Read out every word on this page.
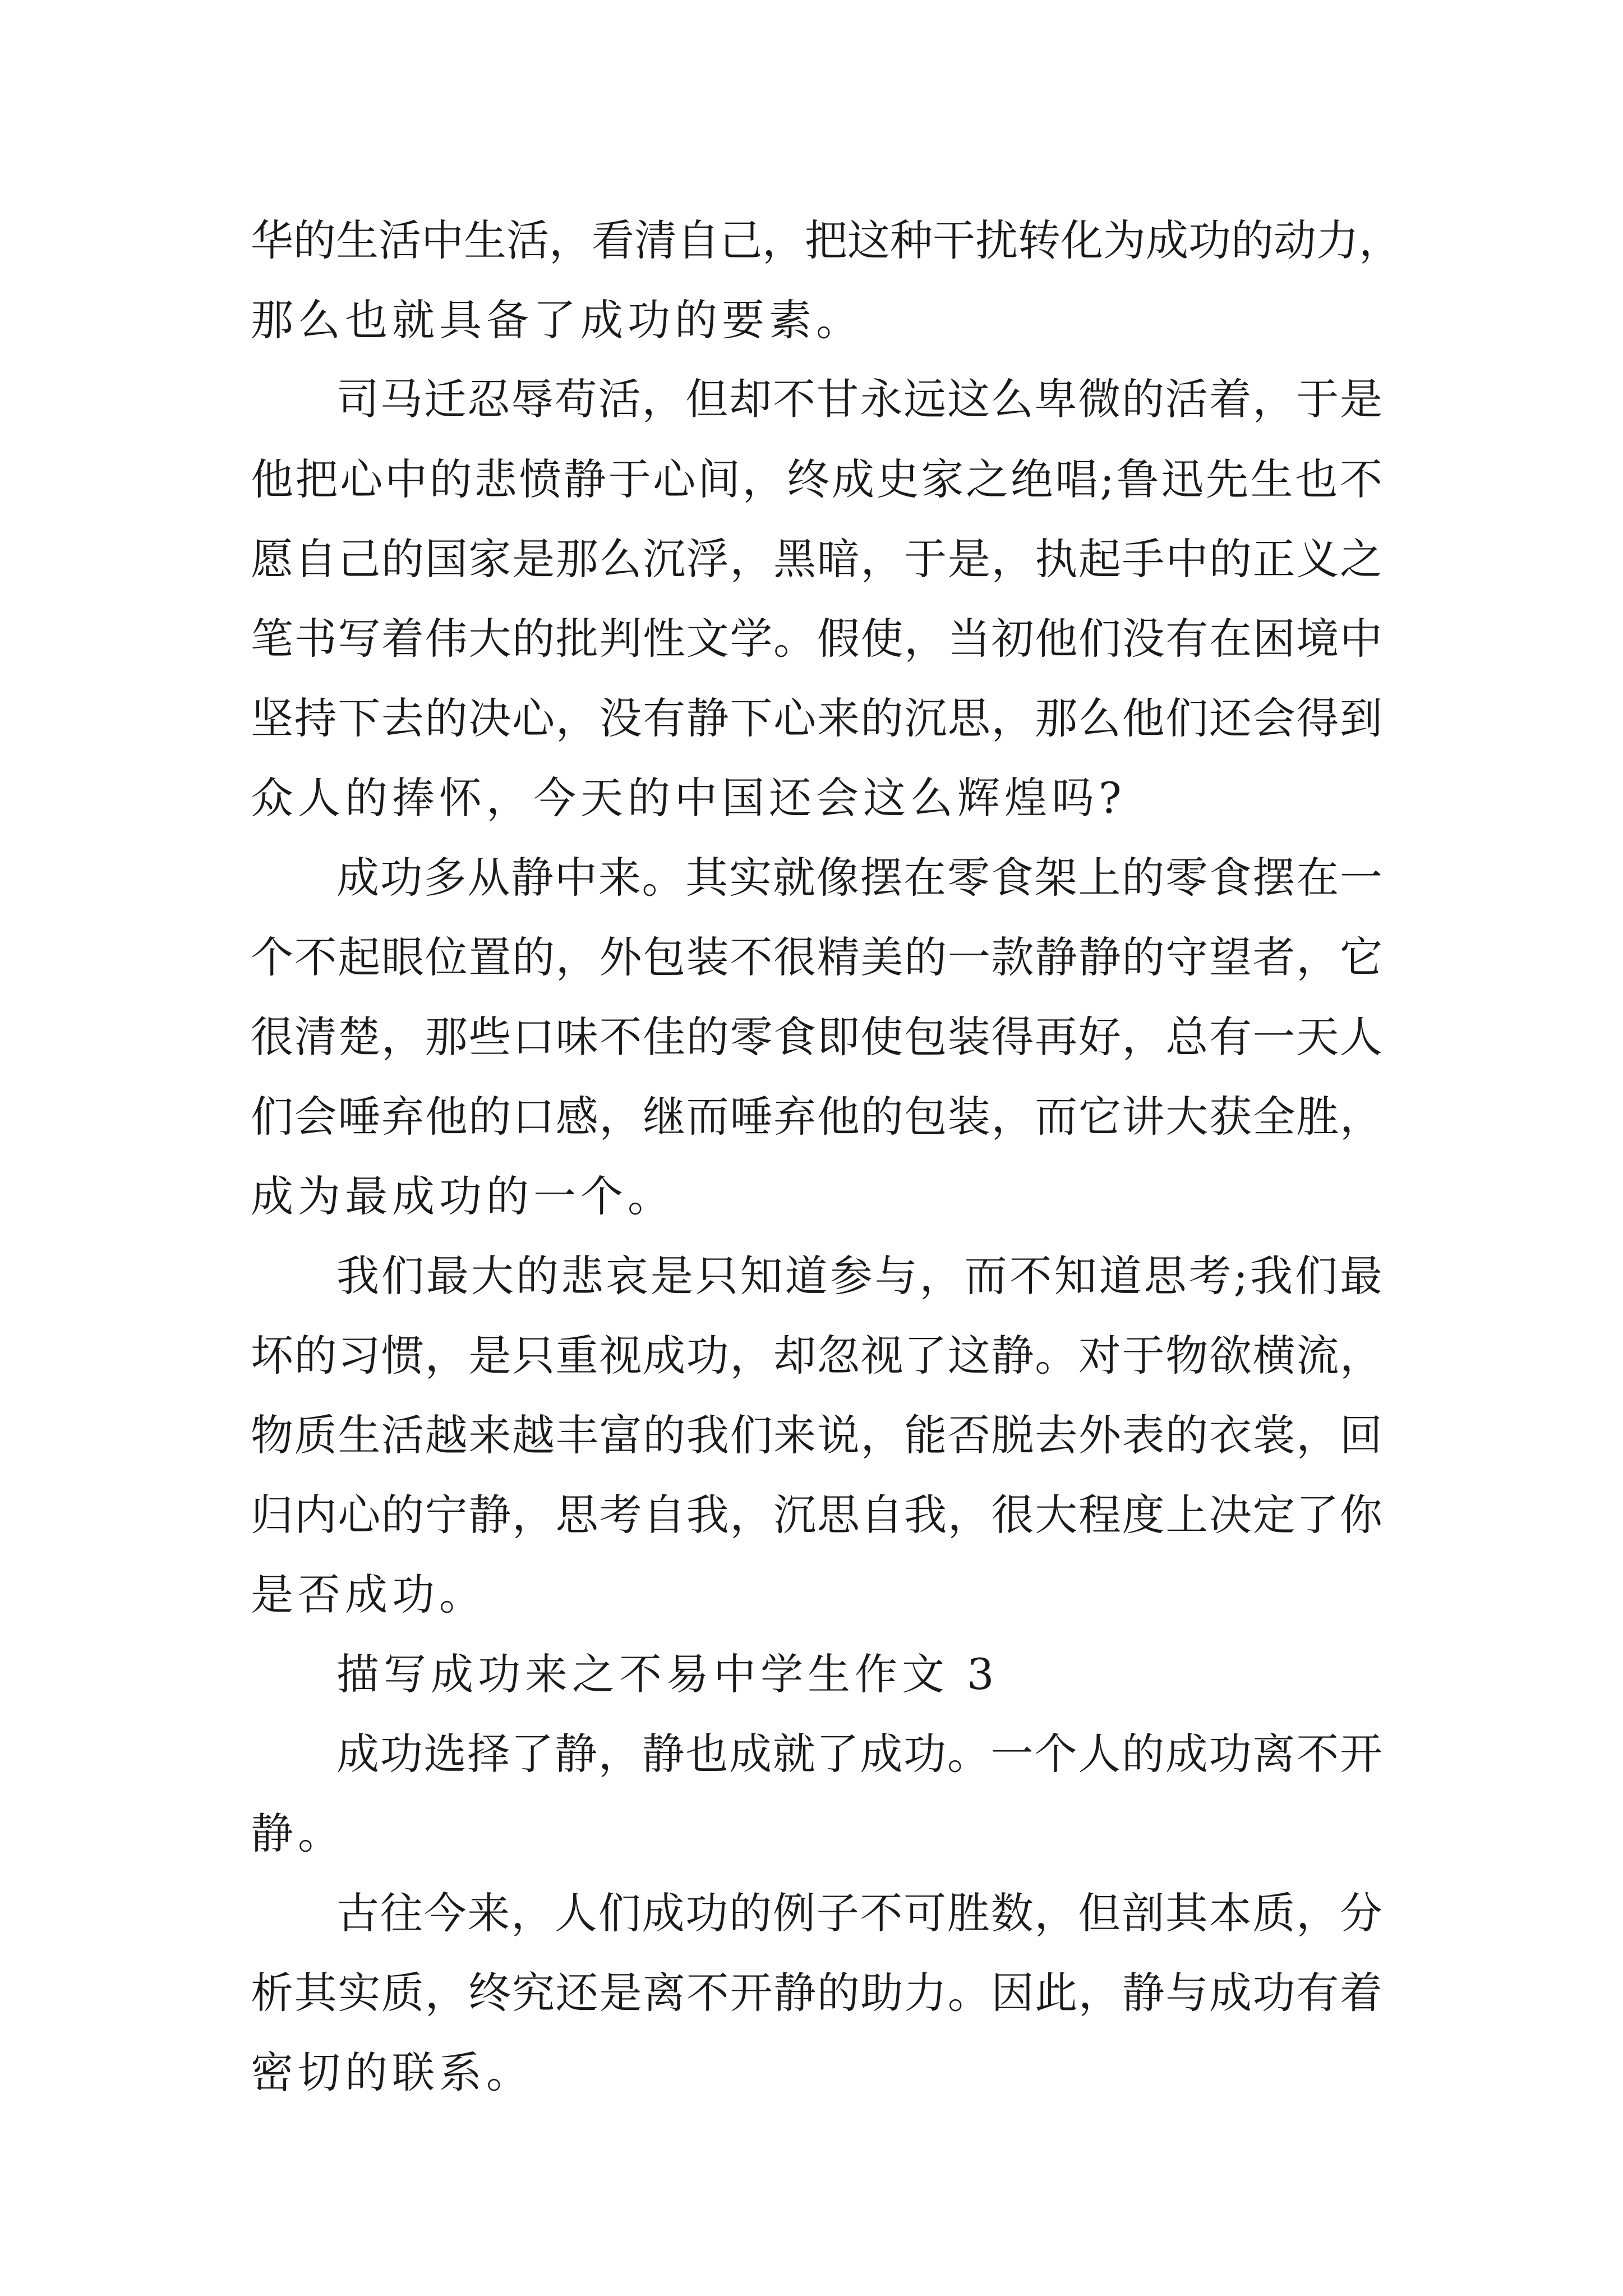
华的生活中生活，看清自己，把这种干扰转化为成功的动力，

那么也就具备了成功的要素。

司马迁忍辱苟活，但却不甘永远这么卑微的活着，于是

他把心中的悲愤静于心间，终成史家之绝唱;鲁迅先生也不

愿自己的国家是那么沉浮，黑暗，于是，执起手中的正义之

笔书写着伟大的批判性文学。假使，当初他们没有在困境中

坚持下去的决心，没有静下心来的沉思，那么他们还会得到

众人的捧怀，今天的中国还会这么辉煌吗?

成功多从静中来。其实就像摆在零食架上的零食摆在一

个不起眼位置的，外包装不很精美的一款静静的守望者，它

很清楚，那些口味不佳的零食即使包装得再好，总有一天人

们会唾弃他的口感，继而唾弃他的包装，而它讲大获全胜，

成为最成功的一个。

我们最大的悲哀是只知道参与，而不知道思考;我们最

坏的习惯，是只重视成功，却忽视了这静。对于物欲横流，

物质生活越来越丰富的我们来说，能否脱去外表的衣裳，回

归内心的宁静，思考自我，沉思自我，很大程度上决定了你

是否成功。

描写成功来之不易中学生作文 3

成功选择了静，静也成就了成功。一个人的成功离不开

静。

古往今来，人们成功的例子不可胜数，但剖其本质，分

析其实质，终究还是离不开静的助力。因此，静与成功有着

密切的联系。
